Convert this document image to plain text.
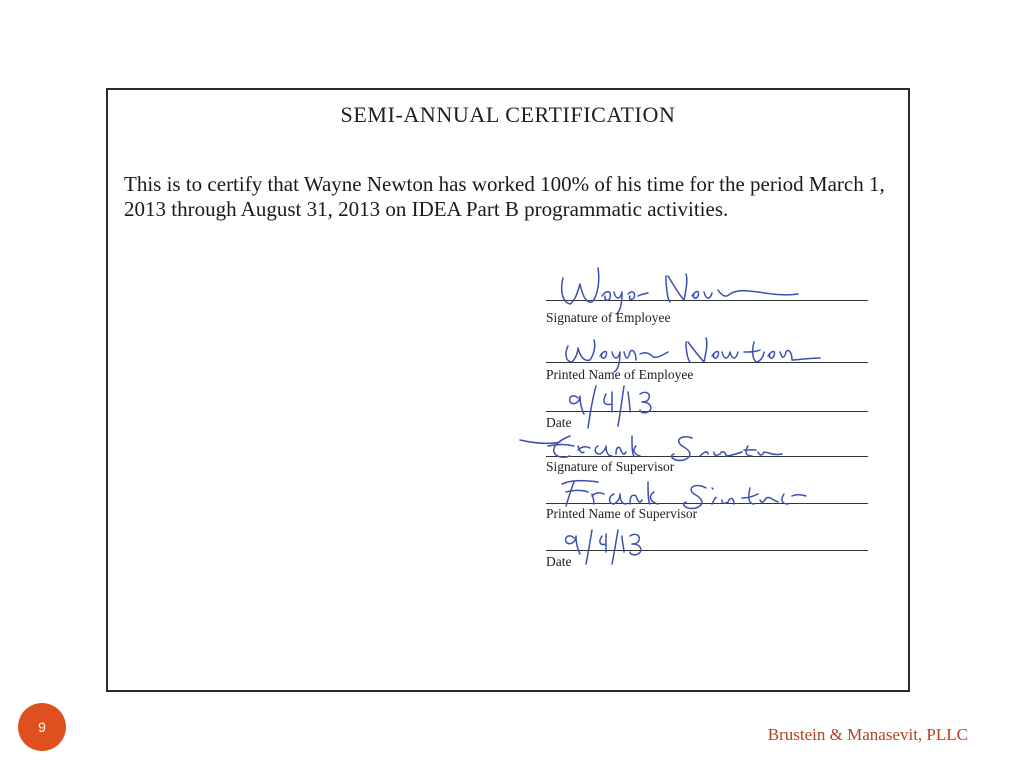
SEMI-ANNUAL CERTIFICATION

This is to certify that Wayne Newton has worked 100% of his time for the period March 1, 2013 through August 31, 2013 on IDEA Part B programmatic activities.

Signature of Employee
Printed Name of Employee
Date
Signature of Supervisor
Printed Name of Supervisor
Date
9	Brustein & Manasevit, PLLC
